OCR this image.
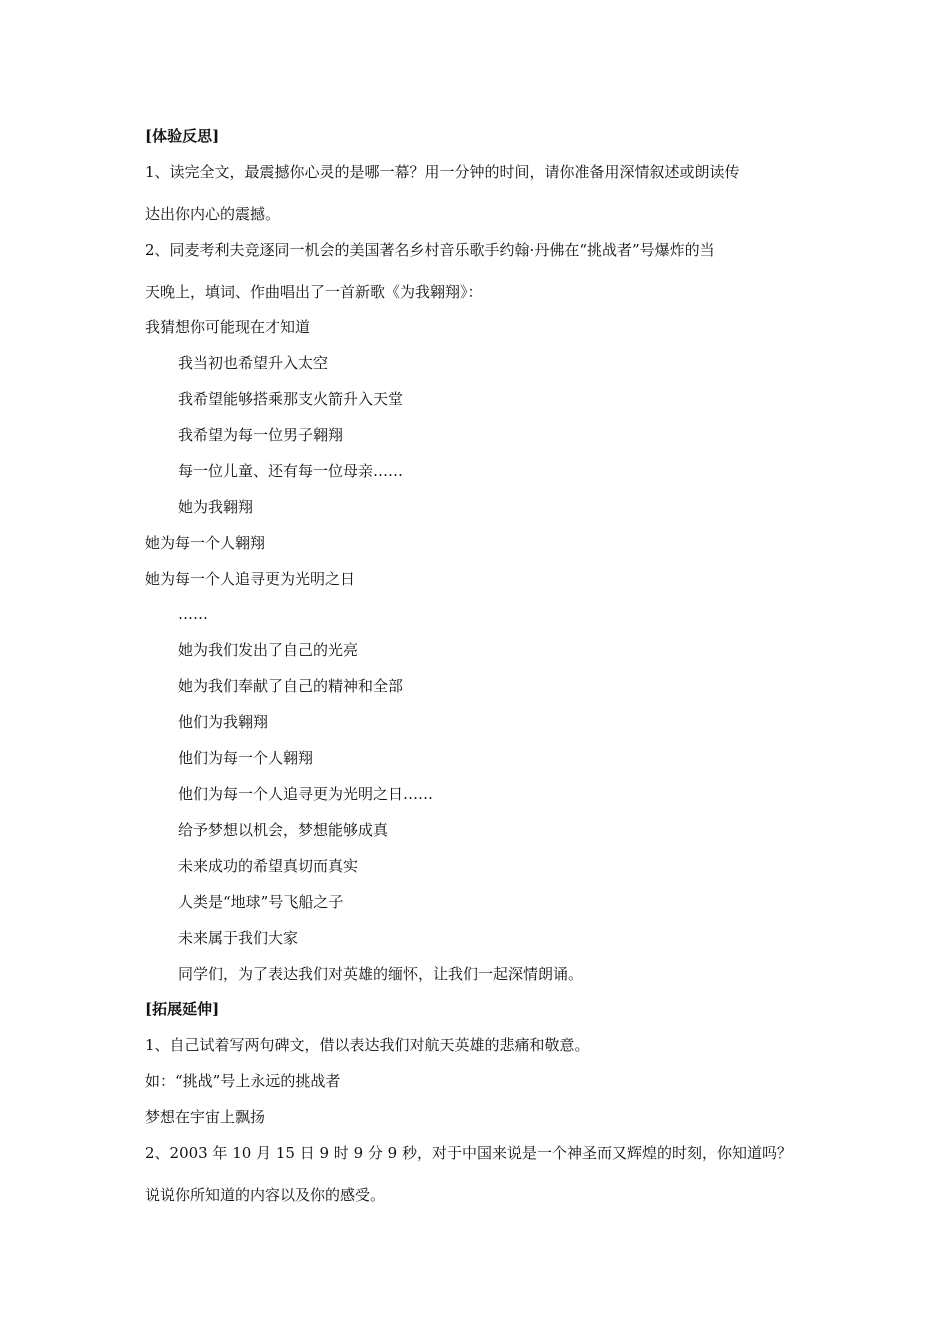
[体验反思]
1、读完全文，最震撼你心灵的是哪一幕？用一分钟的时间，请你准备用深情叙述或朗读传
达出你内心的震撼。
2、同麦考利夫竞逐同一机会的美国著名乡村音乐歌手约翰·丹佛在“挑战者”号爆炸的当
天晚上，填词、作曲唱出了一首新歌《为我翱翔》：
我猜想你可能现在才知道
我当初也希望升入太空
我希望能够搭乘那支火箭升入天堂
我希望为每一位男子翱翔
每一位儿童、还有每一位母亲……
她为我翱翔
她为每一个人翱翔
她为每一个人追寻更为光明之日
……
她为我们发出了自己的光亮
她为我们奉献了自己的精神和全部
他们为我翱翔
他们为每一个人翱翔
他们为每一个人追寻更为光明之日……
给予梦想以机会，梦想能够成真
未来成功的希望真切而真实
人类是“地球”号飞船之子
未来属于我们大家
同学们，为了表达我们对英雄的缅怀，让我们一起深情朗诵。
[拓展延伸]
1、自己试着写两句碑文，借以表达我们对航天英雄的悲痛和敬意。
如：“挑战”号上永远的挑战者
梦想在宇宙上飘扬
2、2003 年 10 月 15 日 9 时 9 分 9 秒，对于中国来说是一个神圣而又辉煌的时刻，你知道吗？
说说你所知道的内容以及你的感受。
